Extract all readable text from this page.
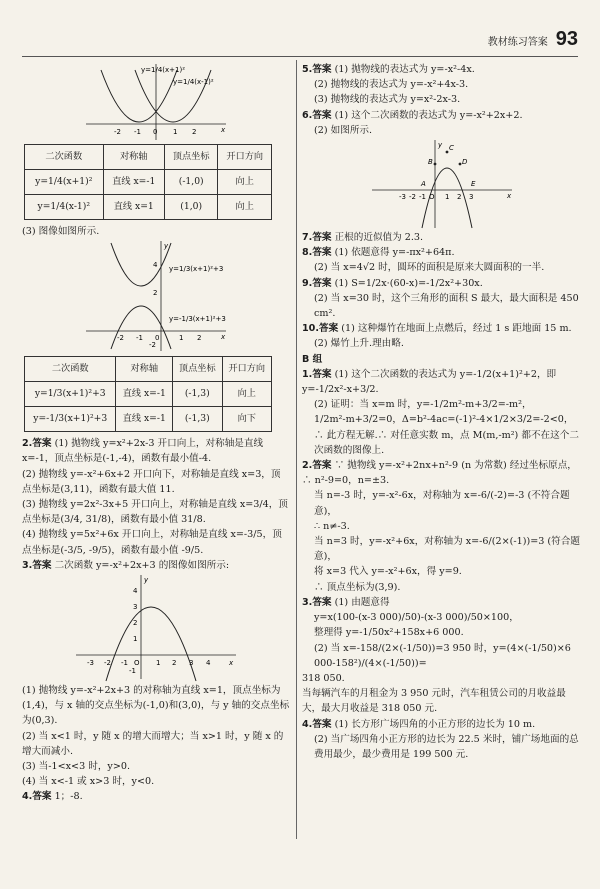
教材练习答案 93
y=1/4(x+1)²
y=1/4(x-1)²
-2 -1 0 1 2	x
二次函数	对称轴	顶点坐标	开口方向
y=1/4(x+1)²	直线 x=-1	(-1,0)	向上
y=1/4(x-1)²	直线 x=1	(1,0)	向上

(3) 图像如图所示.

y=1/3(x+1)²+3
y=-1/3(x+1)²+3
-2 -1 0	1 2
4
2
-2
x
y
二次函数	对称轴	顶点坐标	开口方向
y=1/3(x+1)²+3	直线 x=-1	(-1,3)	向上
y=-1/3(x+1)²+3	直线 x=-1	(-1,3)	向下

2.答案 (1) 抛物线 y=x²+2x-3 开口向上，对称轴是直线 x=-1，顶点坐标是(-1,-4)，函数有最小值-4.

(2) 抛物线 y=-x²+6x+2 开口向下，对称轴是直线 x=3，顶点坐标是(3,11)，函数有最大值 11.

(3) 抛物线 y=2x²-3x+5 开口向上，对称轴是直线 x=3/4，顶点坐标是(3/4, 31/8)，函数有最小值 31/8.

(4) 抛物线 y=5x²+6x 开口向上，对称轴是直线 x=-3/5，顶点坐标是(-3/5, -9/5)，函数有最小值 -9/5.

3.答案 二次函数 y=-x²+2x+3 的图像如图所示:

-3 -2 -1 O 1 2 3 4
4
3
2
1
-1
x
y

(1) 抛物线 y=-x²+2x+3 的对称轴为直线 x=1，顶点坐标为(1,4)，与 x 轴的交点坐标为(-1,0)和(3,0)，与 y 轴的交点坐标为(0,3).

(2) 当 x<1 时，y 随 x 的增大而增大；当 x>1 时，y 随 x 的增大而减小.

(3) 当-1<x<3 时，y>0.

(4) 当 x<-1 或 x>3 时，y<0.

4.答案 1；-8.

5.答案 (1) 抛物线的表达式为 y=-x²-4x.

(2) 抛物线的表达式为 y=-x²+4x-3.

(3) 抛物线的表达式为 y=x²-2x-3.

6.答案 (1) 这个二次函数的表达式为 y=-x²+2x+2.

(2) 如图所示.

C
B
A
D
E
-3 -2 -1 O 1 2 3	x
y

7.答案 正根的近似值为 2.3.

8.答案 (1) 依题意得 y=-πx²+64π.

(2) 当 x=4√2 时，圆环的面积是原来大圆面积的一半.

9.答案 (1) S=1/2x·(60-x)=-1/2x²+30x.

(2) 当 x=30 时，这个三角形的面积 S 最大，最大面积是 450 cm².

10.答案 (1) 这种爆竹在地面上点燃后，经过 1 s 距地面 15 m.

(2) 爆竹上升.理由略.

B 组

1.答案 (1) 这个二次函数的表达式为 y=-1/2(x+1)²+2，即 y=-1/2x²-x+3/2.

(2) 证明：当 x=m 时，y=-1/2m²-m+3/2=-m²，

1/2m²-m+3/2=0，Δ=b²-4ac=(-1)²-4×1/2×3/2=-2<0，

∴ 此方程无解.∴ 对任意实数 m，点 M(m,-m²) 都不在这个二次函数的图像上.

2.答案 ∵ 抛物线 y=-x²+2nx+n²-9 (n 为常数) 经过坐标原点，∴ n²-9=0，n=±3.

当 n=-3 时，y=-x²-6x，对称轴为 x=-6/(-2)=-3 (不符合题意)，

∴ n≠-3.

当 n=3 时，y=-x²+6x，对称轴为 x=-6/(2×(-1))=3 (符合题意)，

将 x=3 代入 y=-x²+6x，得 y=9.

∴ 顶点坐标为(3,9).

3.答案 (1) 由题意得

y=x(100-(x-3 000)/50)-(x-3 000)/50×100，

整理得 y=-1/50x²+158x+6 000.

(2) 当 x=-158/(2×(-1/50))=3 950 时，y=(4×(-1/50)×6 000-158²)/(4×(-1/50))=

318 050.

当每辆汽车的月租金为 3 950 元时，汽车租赁公司的月收益最大，最大月收益是 318 050 元.

4.答案 (1) 长方形广场四角的小正方形的边长为 10 m.

(2) 当广场四角小正方形的边长为 22.5 米时，铺广场地面的总费用最少，最少费用是 199 500 元.
